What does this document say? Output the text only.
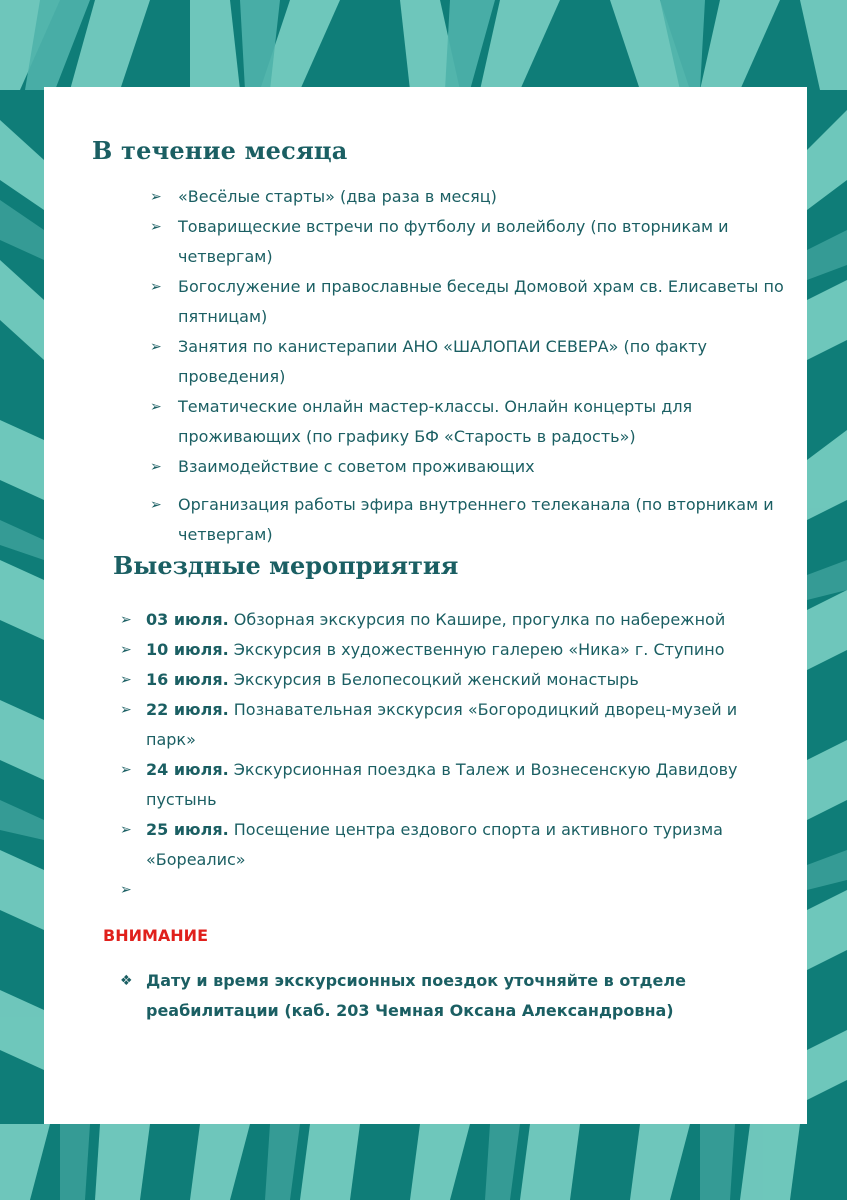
В течение месяца
➢ «Весёлые старты» (два раза в месяц)
➢ Товарищеские встречи по футболу и волейболу (по вторникам и четвергам)
➢ Богослужение и православные беседы Домовой храм св. Елисаветы по пятницам)
➢ Занятия по канистерапии АНО «ШАЛОПАИ СЕВЕРА» (по факту проведения)
➢ Тематические онлайн мастер-классы. Онлайн концерты для проживающих (по графику БФ «Старость в радость»)
➢ Взаимодействие с советом проживающих
➢ Организация работы эфира внутреннего телеканала (по вторникам и четвергам)
Выездные мероприятия
➢ 03 июля. Обзорная экскурсия по Кашире, прогулка по набережной
➢ 10 июля. Экскурсия в художественную галерею «Ника» г. Ступино
➢ 16 июля. Экскурсия в Белопесоцкий женский монастырь
➢ 22 июля. Познавательная экскурсия «Богородицкий дворец-музей и парк»
➢ 24 июля. Экскурсионная поездка в Талеж и Вознесенскую Давидову пустынь
➢ 25 июля. Посещение центра ездового спорта и активного туризма «Бореалис»
➢

ВНИМАНИЕ

❖ Дату и время экскурсионных поездок уточняйте в отделе реабилитации (каб. 203 Чемная Оксана Александровна)
